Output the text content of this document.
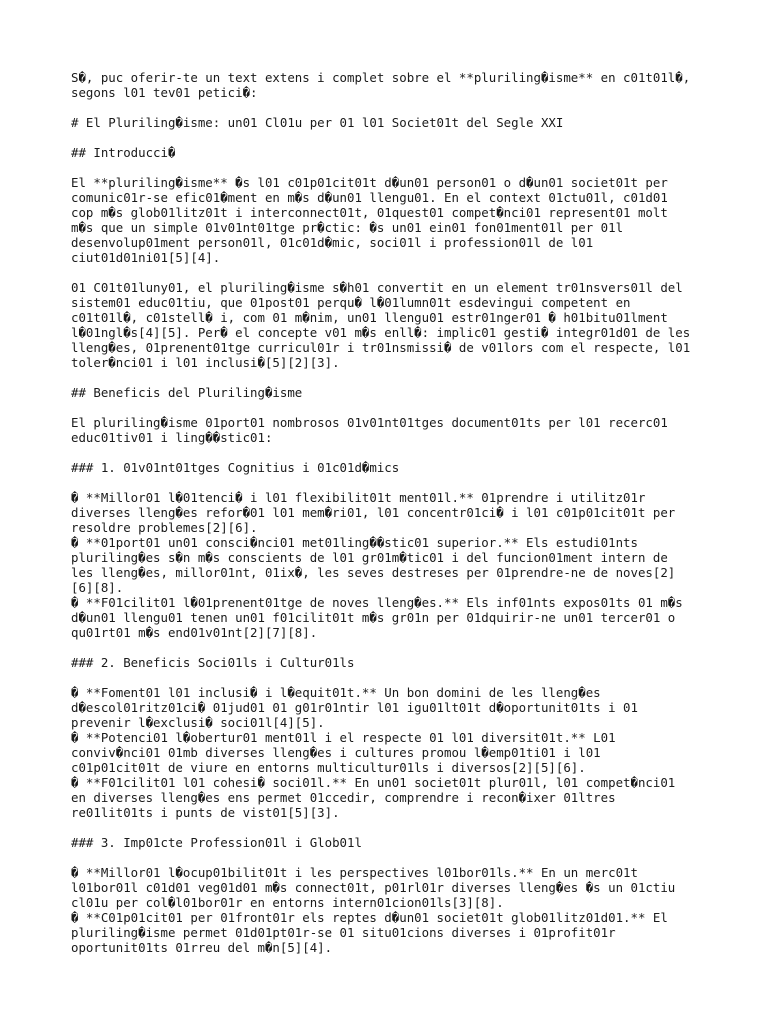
S�, puc oferir-te un text extens i complet sobre el **pluriling�isme** en c01t01l�,
segons l01 tev01 petici�:

# El Pluriling�isme: un01 Cl01u per 01 l01 Societ01t del Segle XXI

## Introducci�

El **pluriling�isme** �s l01 c01p01cit01t d�un01 person01 o d�un01 societ01t per
comunic01r-se efic01�ment en m�s d�un01 llengu01. En el context 01ctu01l, c01d01
cop m�s glob01litz01t i interconnect01t, 01quest01 compet�nci01 represent01 molt
m�s que un simple 01v01nt01tge pr�ctic: �s un01 ein01 fon01ment01l per 01l
desenvolup01ment person01l, 01c01d�mic, soci01l i profession01l de l01
ciut01d01ni01[5][4].

01 C01t01luny01, el pluriling�isme s�h01 convertit en un element tr01nsvers01l del
sistem01 educ01tiu, que 01post01 perqu� l�01lumn01t esdevingui competent en
c01t01l�, c01stell� i, com 01 m�nim, un01 llengu01 estr01nger01 � h01bitu01lment
l�01ngl�s[4][5]. Per� el concepte v01 m�s enll�: implic01 gesti� integr01d01 de les
lleng�es, 01prenent01tge curricul01r i tr01nsmissi� de v01lors com el respecte, l01
toler�nci01 i l01 inclusi�[5][2][3].

## Beneficis del Pluriling�isme

El pluriling�isme 01port01 nombrosos 01v01nt01tges document01ts per l01 recerc01
educ01tiv01 i ling��stic01:

### 1. 01v01nt01tges Cognitius i 01c01d�mics

� **Millor01 l�01tenci� i l01 flexibilit01t ment01l.** 01prendre i utilitz01r
diverses lleng�es refor�01 l01 mem�ri01, l01 concentr01ci� i l01 c01p01cit01t per
resoldre problemes[2][6].

� **01port01 un01 consci�nci01 met01ling��stic01 superior.** Els estudi01nts
pluriling�es s�n m�s conscients de l01 gr01m�tic01 i del funcion01ment intern de
les lleng�es, millor01nt, 01ix�, les seves destreses per 01prendre-ne de noves[2]
[6][8].

� **F01cilit01 l�01prenent01tge de noves lleng�es.** Els inf01nts expos01ts 01 m�s
d�un01 llengu01 tenen un01 f01cilit01t m�s gr01n per 01dquirir-ne un01 tercer01 o
qu01rt01 m�s end01v01nt[2][7][8].

### 2. Beneficis Soci01ls i Cultur01ls

� **Foment01 l01 inclusi� i l�equit01t.** Un bon domini de les lleng�es
d�escol01ritz01ci� 01jud01 01 g01r01ntir l01 igu01lt01t d�oportunit01ts i 01
prevenir l�exclusi� soci01l[4][5].

� **Potenci01 l�obertur01 ment01l i el respecte 01 l01 diversit01t.** L01
conviv�nci01 01mb diverses lleng�es i cultures promou l�emp01ti01 i l01
c01p01cit01t de viure en entorns multicultur01ls i diversos[2][5][6].

� **F01cilit01 l01 cohesi� soci01l.** En un01 societ01t plur01l, l01 compet�nci01
en diverses lleng�es ens permet 01ccedir, comprendre i recon�ixer 01ltres
re01lit01ts i punts de vist01[5][3].

### 3. Imp01cte Profession01l i Glob01l

� **Millor01 l�ocup01bilit01t i les perspectives l01bor01ls.** En un merc01t
l01bor01l c01d01 veg01d01 m�s connect01t, p01rl01r diverses lleng�es �s un 01ctiu
cl01u per col�l01bor01r en entorns intern01cion01ls[3][8].

� **C01p01cit01 per 01front01r els reptes d�un01 societ01t glob01litz01d01.** El
pluriling�isme permet 01d01pt01r-se 01 situ01cions diverses i 01profit01r
oportunit01ts 01rreu del m�n[5][4].
